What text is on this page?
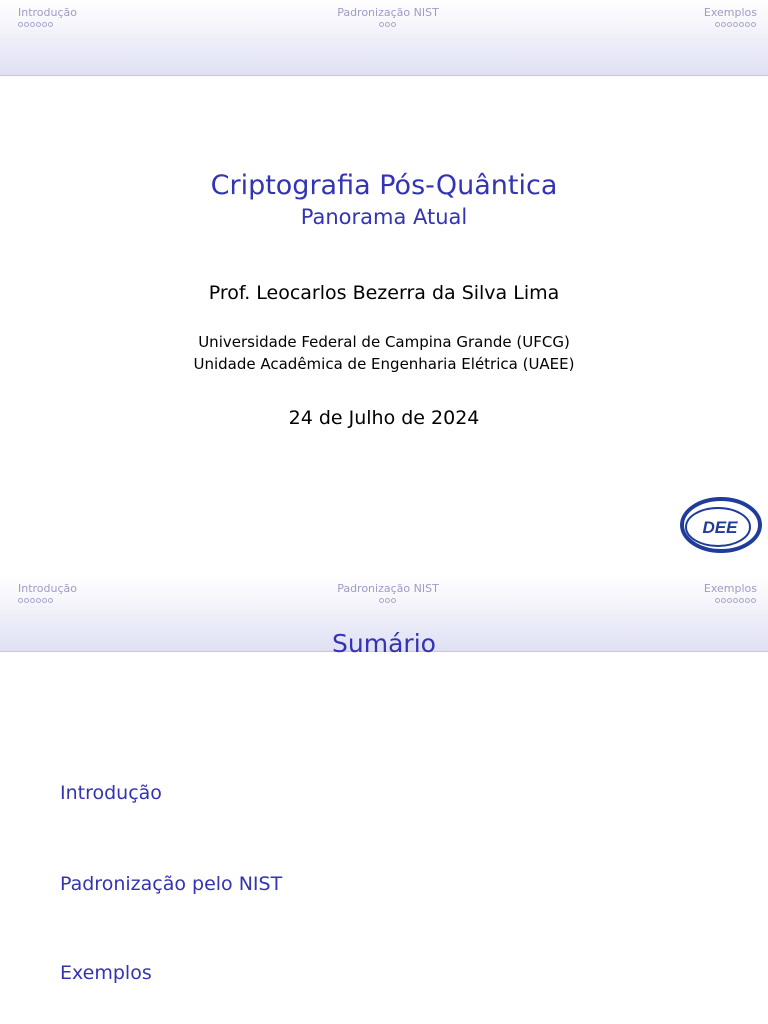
Introdução	Padronização NIST	Exemplos
Criptografia Pós-Quântica
Panorama Atual
Prof. Leocarlos Bezerra da Silva Lima
Universidade Federal de Campina Grande (UFCG)
Unidade Acadêmica de Engenharia Elétrica (UAEE)
24 de Julho de 2024
DEE
Introdução	Padronização NIST	Exemplos
Sumário
Introdução
Padronização pelo NIST
Exemplos
